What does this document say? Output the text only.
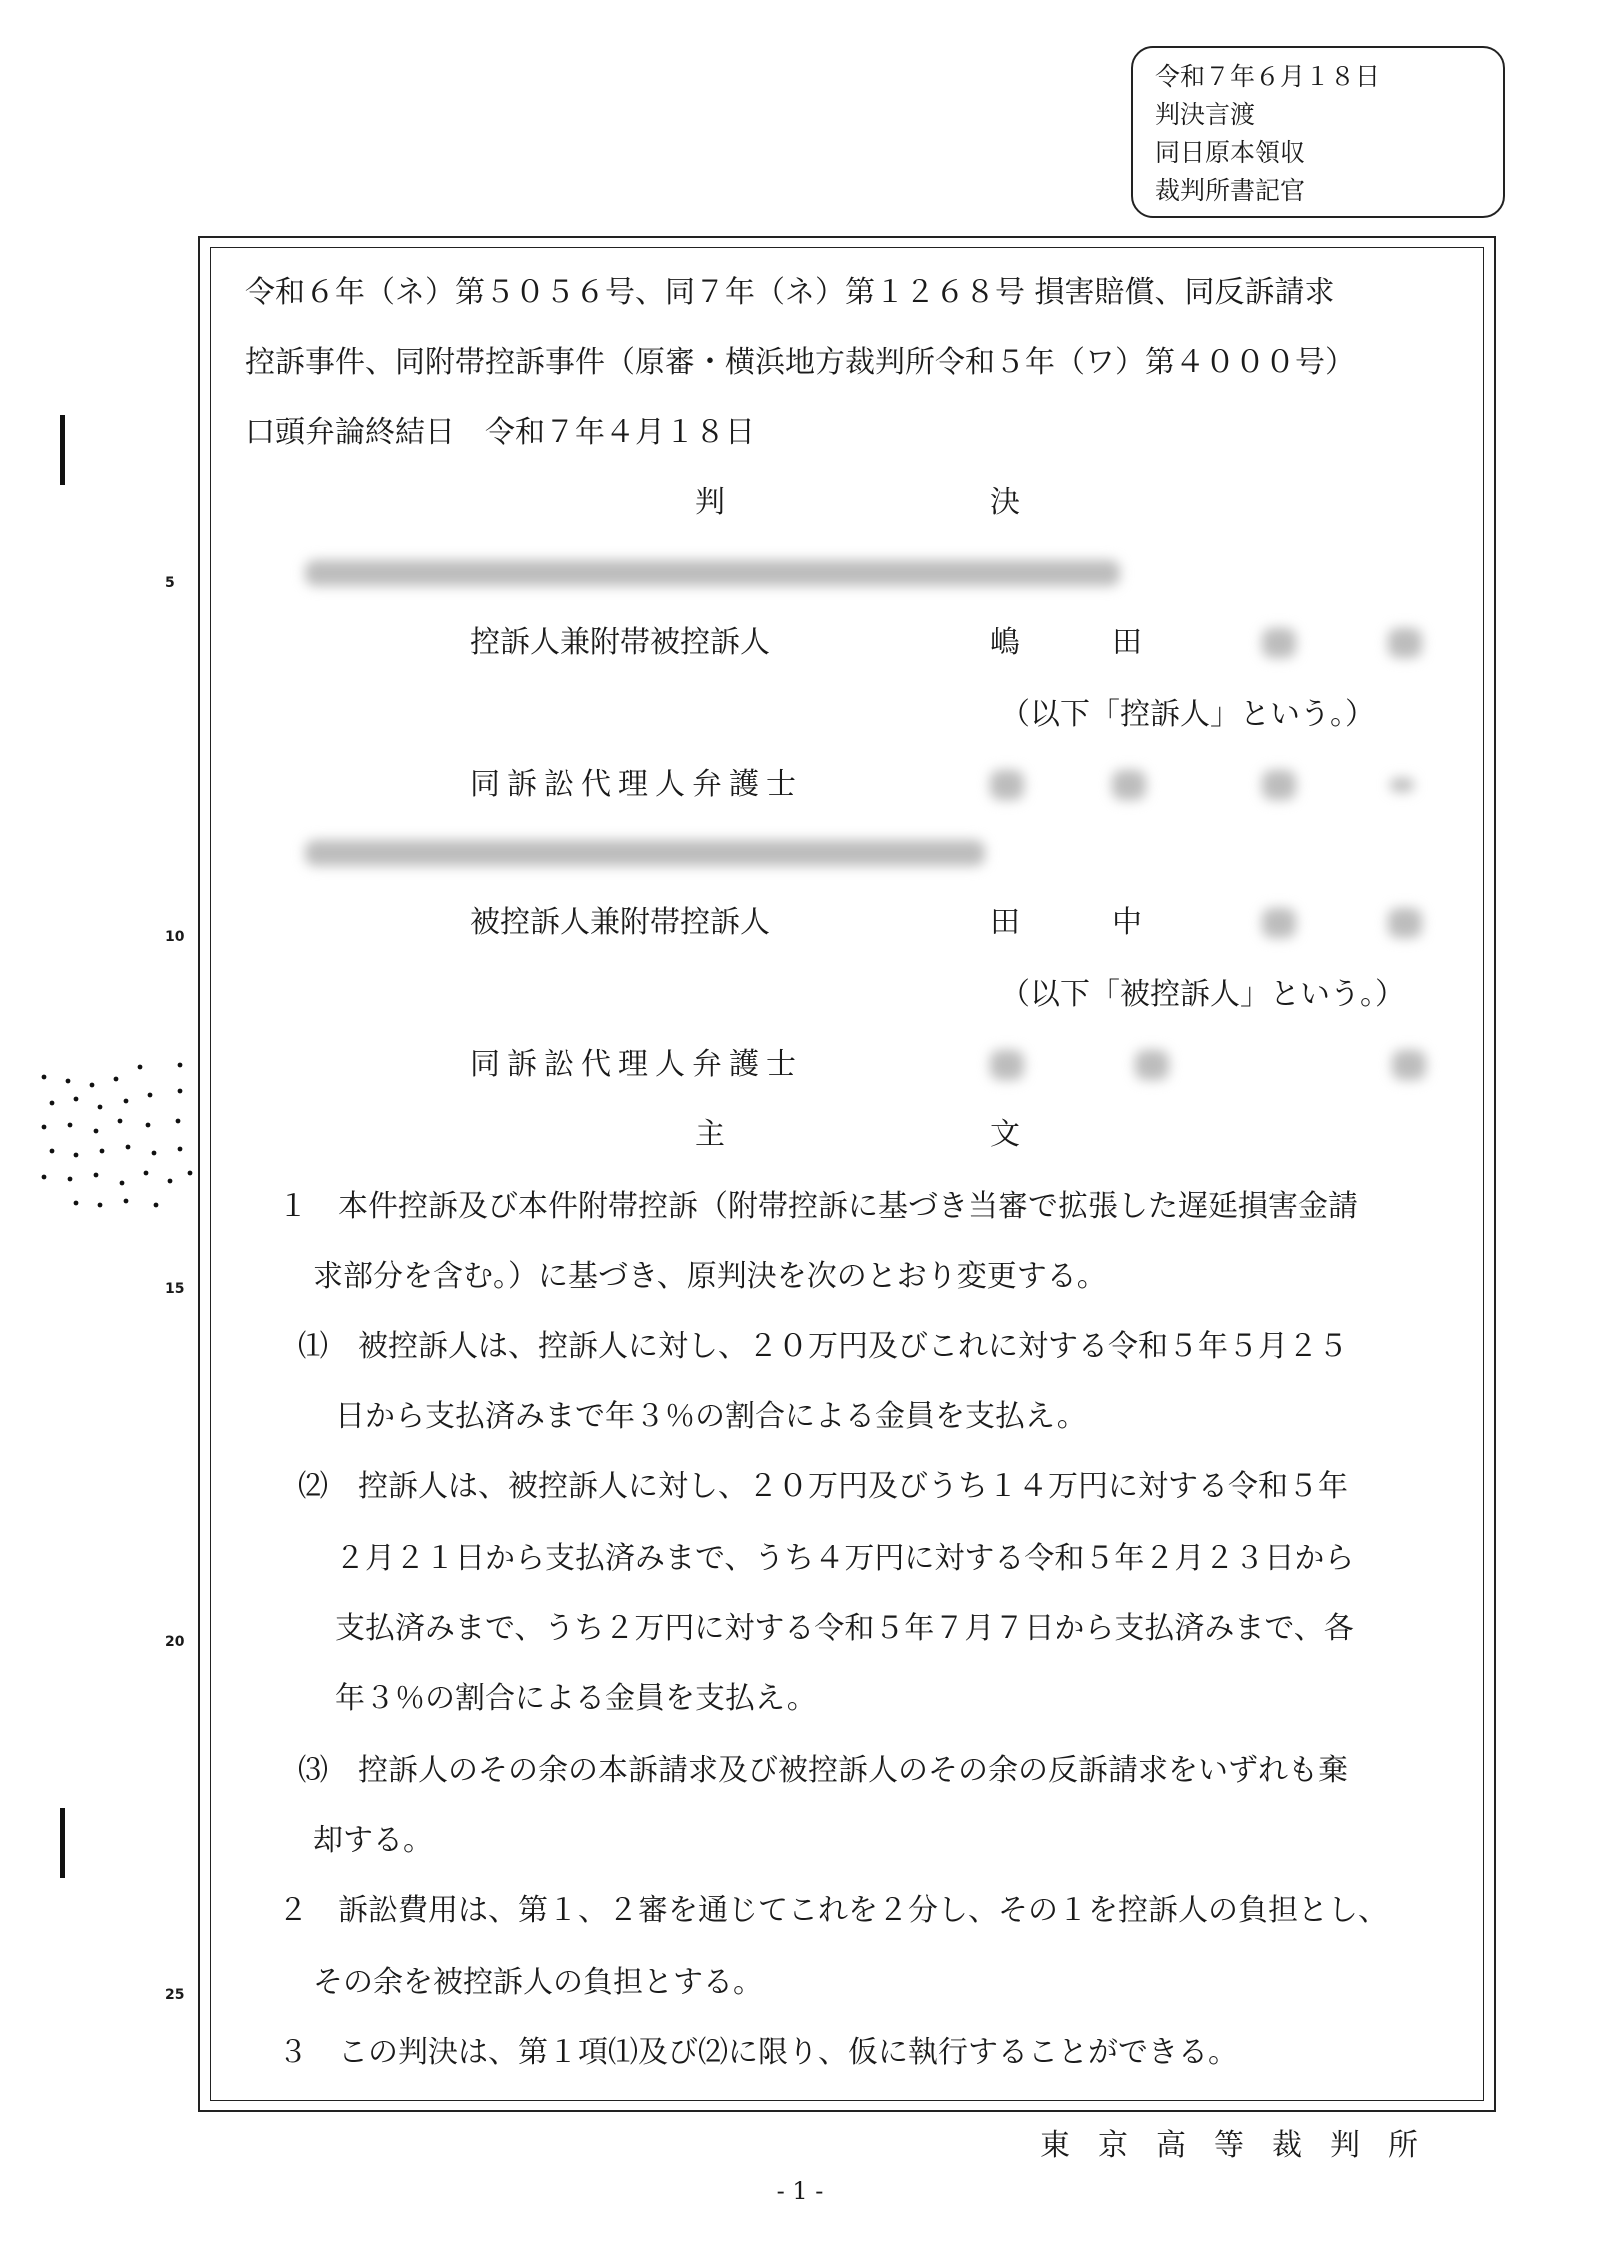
令和７年６月１８日
判決言渡
同日原本領収
裁判所書記官
5
10
15
20
25
令和６年（ネ）第５０５６号、同７年（ネ）第１２６８号 損害賠償、同反訴請求
控訴事件、同附帯控訴事件（原審・横浜地方裁判所令和５年（ワ）第４０００号）
口頭弁論終結日　令和７年４月１８日
判	決
控訴人兼附帯被控訴人	嶋	田
（以下「控訴人」という。）
同訴訟代理人弁護士
被控訴人兼附帯控訴人	田	中
（以下「被控訴人」という。）
同訴訟代理人弁護士
主	文
１　本件控訴及び本件附帯控訴（附帯控訴に基づき当審で拡張した遅延損害金請
求部分を含む。）に基づき、原判決を次のとおり変更する。
⑴　被控訴人は、控訴人に対し、２０万円及びこれに対する令和５年５月２５
日から支払済みまで年３％の割合による金員を支払え。
⑵　控訴人は、被控訴人に対し、２０万円及びうち１４万円に対する令和５年
２月２１日から支払済みまで、うち４万円に対する令和５年２月２３日から
支払済みまで、うち２万円に対する令和５年７月７日から支払済みまで、各
年３％の割合による金員を支払え。
⑶　控訴人のその余の本訴請求及び被控訴人のその余の反訴請求をいずれも棄
却する。
２　訴訟費用は、第１、２審を通じてこれを２分し、その１を控訴人の負担とし、
その余を被控訴人の負担とする。
３　この判決は、第１項⑴及び⑵に限り、仮に執行することができる。
東京高等裁判所
- 1 -
